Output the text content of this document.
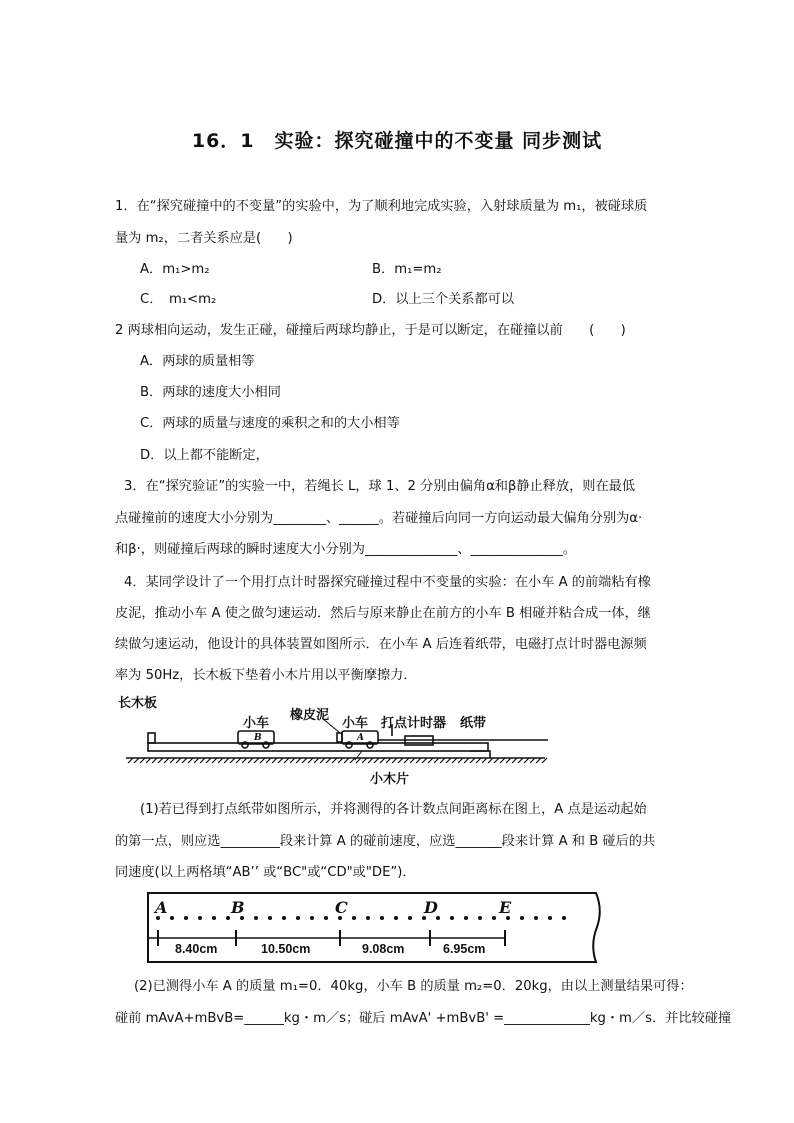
16．1　实验：探究碰撞中的不变量 同步测试
1．在“探究碰撞中的不变量”的实验中，为了顺利地完成实验，入射球质量为 m₁，被碰球质
量为 m₂，二者关系应是(　　)
A．m₁>m₂	B．m₁=m₂
C．　m₁<m₂	D．以上三个关系都可以
2 两球相向运动，发生正碰，碰撞后两球均静止，于是可以断定，在碰撞以前　　(　　)
A．两球的质量相等
B．两球的速度大小相同
C．两球的质量与速度的乘积之和的大小相等
D．以上都不能断定，
3．在“探究验证”的实验一中，若绳长 L，球 1、2 分别由偏角α和β静止释放，则在最低
点碰撞前的速度大小分别为________、______。若碰撞后向同一方向运动最大偏角分别为α·
和β·，则碰撞后两球的瞬时速度大小分别为______________、______________。
4．某同学设计了一个用打点计时器探究碰撞过程中不变量的实验：在小车 A 的前端粘有橡
皮泥，推动小车 A 使之做匀速运动．然后与原来静止在前方的小车 B 相碰并粘合成一体，继
续做匀速运动，他设计的具体装置如图所示．在小车 A 后连着纸带，电磁打点计时器电源频
率为 50Hz，长木板下垫着小木片用以平衡摩擦力．
长木板
小车
橡皮泥
小车 打点计时器 纸带
小木片
B	A
(1)若已得到打点纸带如图所示，并将测得的各计数点间距离标在图上，A 点是运动起始
的第一点，则应选_________段来计算 A 的碰前速度，应选_______段来计算 A 和 B 碰后的共
同速度(以上两格填“AB’’ 或“BC"或“CD"或"DE”)．
A	B	C	D	E
8.40cm	10.50cm	9.08cm	6.95cm
(2)已测得小车 A 的质量 m₁=0．40kg，小车 B 的质量 m₂=0．20kg，由以上测量结果可得：
碰前 mAvA+mBvB=______kg・m／s；碰后 mAvA' +mBvB' =_____________kg・m／s．并比较碰撞
